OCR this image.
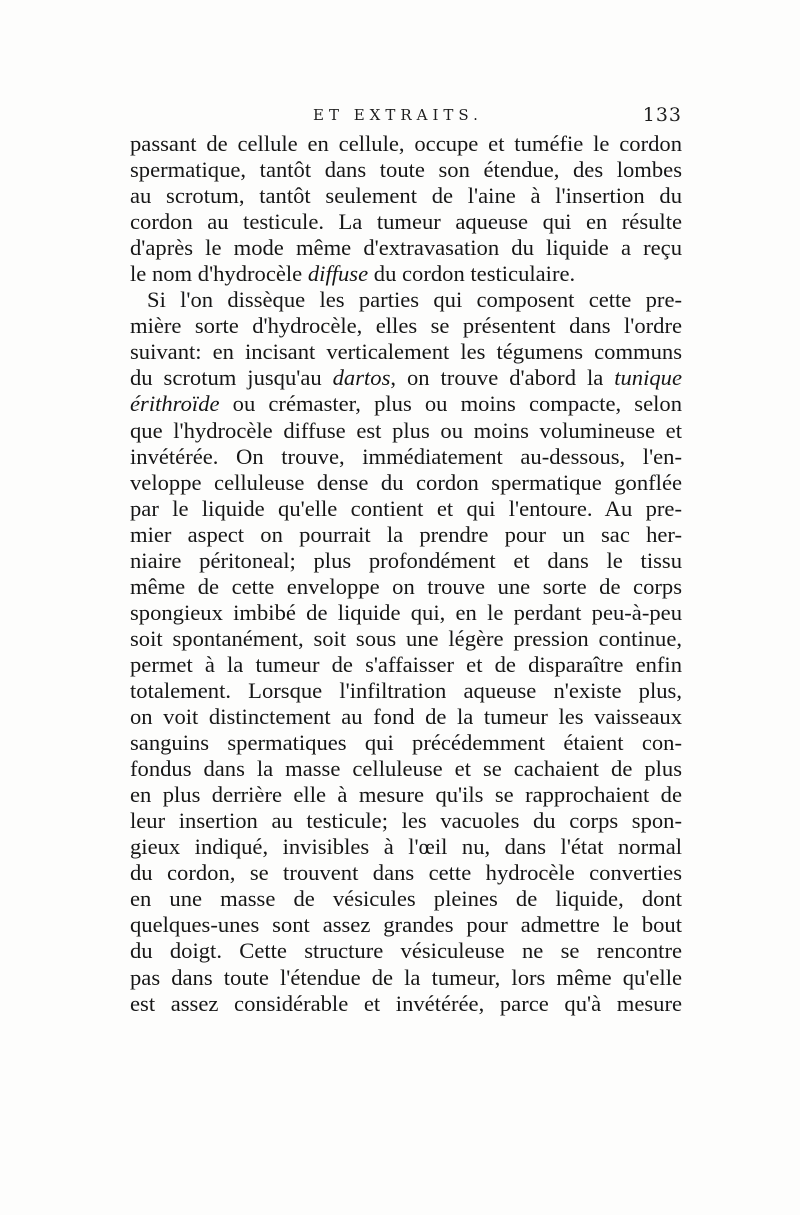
ET EXTRAITS.	133
passant de cellule en cellule, occupe et tuméfie le cordon
spermatique, tantôt dans toute son étendue, des lombes
au scrotum, tantôt seulement de l'aine à l'insertion du
cordon au testicule. La tumeur aqueuse qui en résulte
d'après le mode même d'extravasation du liquide a reçu
le nom d'hydrocèle diffuse du cordon testiculaire.
Si l'on dissèque les parties qui composent cette pre-
mière sorte d'hydrocèle, elles se présentent dans l'ordre
suivant: en incisant verticalement les tégumens communs
du scrotum jusqu'au dartos, on trouve d'abord la tunique
érithroïde ou crémaster, plus ou moins compacte, selon
que l'hydrocèle diffuse est plus ou moins volumineuse et
invétérée. On trouve, immédiatement au-dessous, l'en-
veloppe celluleuse dense du cordon spermatique gonflée
par le liquide qu'elle contient et qui l'entoure. Au pre-
mier aspect on pourrait la prendre pour un sac her-
niaire péritoneal; plus profondément et dans le tissu
même de cette enveloppe on trouve une sorte de corps
spongieux imbibé de liquide qui, en le perdant peu-à-peu
soit spontanément, soit sous une légère pression continue,
permet à la tumeur de s'affaisser et de disparaître enfin
totalement. Lorsque l'infiltration aqueuse n'existe plus,
on voit distinctement au fond de la tumeur les vaisseaux
sanguins spermatiques qui précédemment étaient con-
fondus dans la masse celluleuse et se cachaient de plus
en plus derrière elle à mesure qu'ils se rapprochaient de
leur insertion au testicule; les vacuoles du corps spon-
gieux indiqué, invisibles à l'œil nu, dans l'état normal
du cordon, se trouvent dans cette hydrocèle converties
en une masse de vésicules pleines de liquide, dont
quelques-unes sont assez grandes pour admettre le bout
du doigt. Cette structure vésiculeuse ne se rencontre
pas dans toute l'étendue de la tumeur, lors même qu'elle
est assez considérable et invétérée, parce qu'à mesure
